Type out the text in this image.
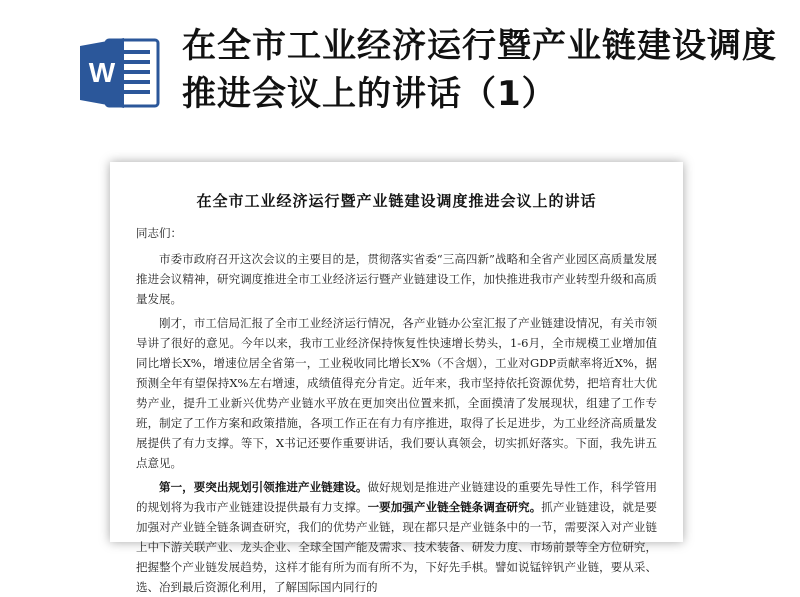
W
在全市工业经济运行暨产业链建设调度推进会议上的讲话（1）
在全市工业经济运行暨产业链建设调度推进会议上的讲话

同志们：

市委市政府召开这次会议的主要目的是，贯彻落实省委“三高四新”战略和全省产业园区高质量发展推进会议精神，研究调度推进全市工业经济运行暨产业链建设工作，加快推进我市产业转型升级和高质量发展。

刚才，市工信局汇报了全市工业经济运行情况，各产业链办公室汇报了产业链建设情况，有关市领导讲了很好的意见。今年以来，我市工业经济保持恢复性快速增长势头，1-6月，全市规模工业增加值同比增长X%，增速位居全省第一，工业税收同比增长X%（不含烟），工业对GDP贡献率将近X%，据预测全年有望保持X%左右增速，成绩值得充分肯定。近年来，我市坚持依托资源优势，把培育壮大优势产业，提升工业新兴优势产业链水平放在更加突出位置来抓，全面摸清了发展现状，组建了工作专班，制定了工作方案和政策措施，各项工作正在有力有序推进，取得了长足进步，为工业经济高质量发展提供了有力支撑。等下，X书记还要作重要讲话，我们要认真领会，切实抓好落实。下面，我先讲五点意见。

第一，要突出规划引领推进产业链建设。做好规划是推进产业链建设的重要先导性工作，科学管用的规划将为我市产业链建设提供最有力支撑。一要加强产业链全链条调查研究。抓产业链建设，就是要加强对产业链全链条调查研究，我们的优势产业链，现在都只是产业链条中的一节，需要深入对产业链上中下游关联产业、龙头企业、全球全国产能及需求、技术装备、研发力度、市场前景等全方位研究，把握整个产业链发展趋势，这样才能有所为而有所不为，下好先手棋。譬如说锰锌钒产业链，要从采、选、冶到最后资源化利用，了解国际国内同行的
